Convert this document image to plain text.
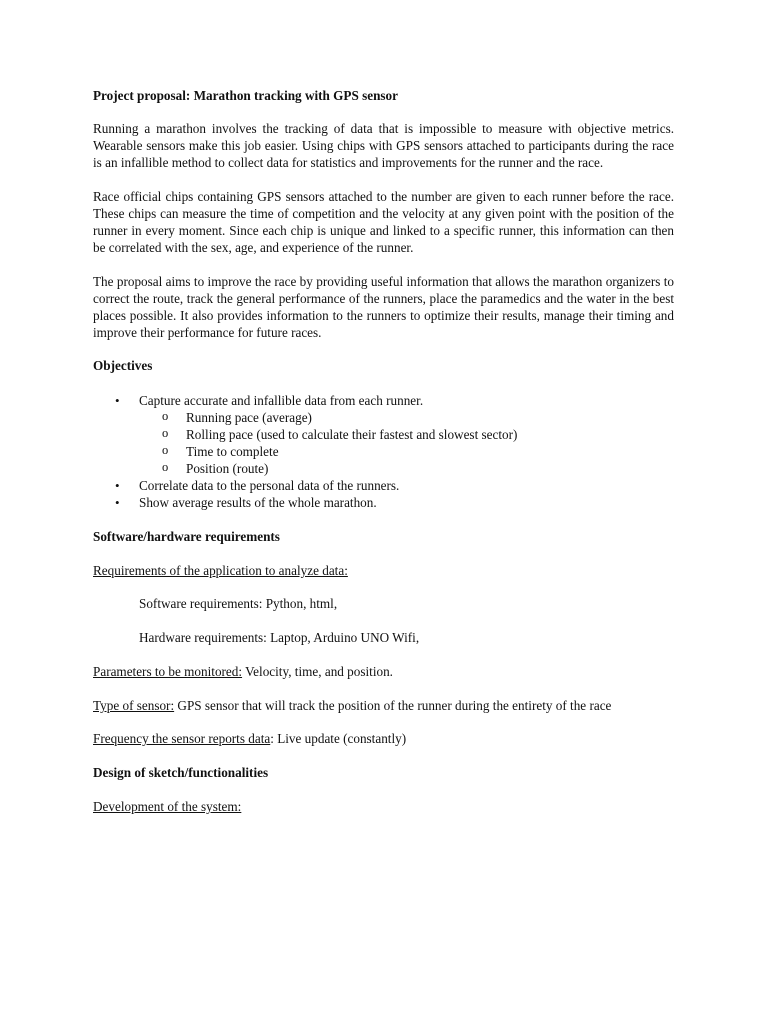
Project proposal: Marathon tracking with GPS sensor

Running a marathon involves the tracking of data that is impossible to measure with objective metrics. Wearable sensors make this job easier. Using chips with GPS sensors attached to participants during the race is an infallible method to collect data for statistics and improvements for the runner and the race.

Race official chips containing GPS sensors attached to the number are given to each runner before the race. These chips can measure the time of competition and the velocity at any given point with the position of the runner in every moment. Since each chip is unique and linked to a specific runner, this information can then be correlated with the sex, age, and experience of the runner.

The proposal aims to improve the race by providing useful information that allows the marathon organizers to correct the route, track the general performance of the runners, place the paramedics and the water in the best places possible. It also provides information to the runners to optimize their results, manage their timing and improve their performance for future races.

Objectives
• Capture accurate and infallible data from each runner.
o Running pace (average)
o Rolling pace (used to calculate their fastest and slowest sector)
o Time to complete
o Position (route)
• Correlate data to the personal data of the runners.
• Show average results of the whole marathon.
Software/hardware requirements

Requirements of the application to analyze data:

Software requirements: Python, html,

Hardware requirements: Laptop, Arduino UNO Wifi,

Parameters to be monitored: Velocity, time, and position.

Type of sensor: GPS sensor that will track the position of the runner during the entirety of the race

Frequency the sensor reports data: Live update (constantly)

Design of sketch/functionalities

Development of the system:
